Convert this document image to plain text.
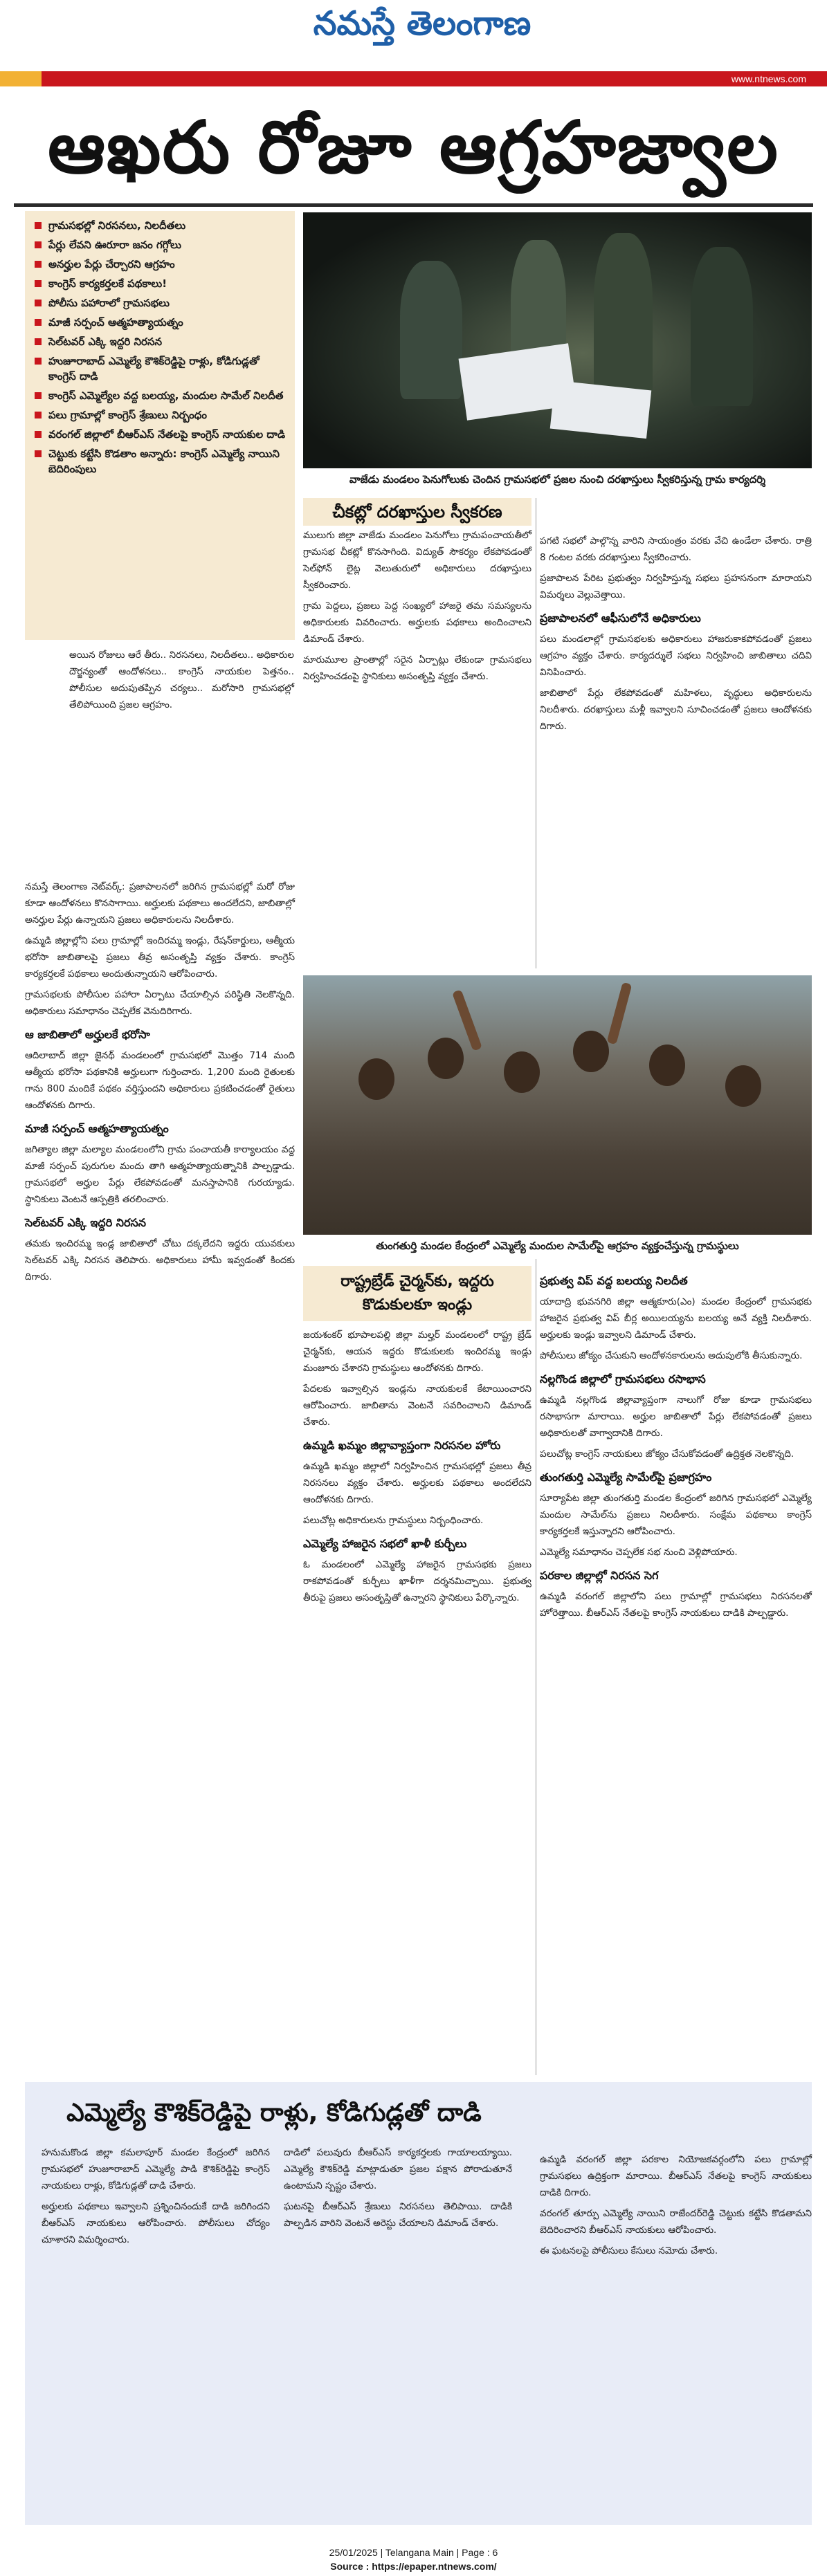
నమస్తే తెలంగాణ
www.ntnews.com
ఆఖరు రోజూ ఆగ్రహజ్వాల
గ్రామసభల్లో నిరసనలు, నిలదీతలు
పేర్లు లేవని ఊరూరా జనం గగ్గోలు
అనర్హుల పేర్లు చేర్చారని ఆగ్రహం
కాంగ్రెస్ కార్యకర్తలకే పథకాలు!
పోలీసు పహారాలో గ్రామసభలు
మాజీ సర్పంచ్ ఆత్మహత్యాయత్నం
సెల్‌టవర్ ఎక్కి ఇద్దరి నిరసన
హుజూరాబాద్ ఎమ్మెల్యే కౌశిక్‌రెడ్డిపై రాళ్లు, కోడిగుడ్లతో కాంగ్రెస్ దాడి
కాంగ్రెస్ ఎమ్మెల్యేల వద్ద బలయ్య, మందుల సామేల్ నిలదీత
పలు గ్రామాల్లో కాంగ్రెస్ శ్రేణులు నిర్బంధం
వరంగల్ జిల్లాలో బీఆర్ఎస్ నేతలపై కాంగ్రెస్ నాయకుల దాడి
చెట్టుకు కట్టేసి కొడతాం అన్నారు: కాంగ్రెస్ ఎమ్మెల్యే నాయిని బెదిరింపులు
వాజేడు మండలం పెనుగోలుకు చెందిన గ్రామసభలో ప్రజల నుంచి దరఖాస్తులు స్వీకరిస్తున్న గ్రామ కార్యదర్శి
చీకట్లో దరఖాస్తుల స్వీకరణ

అయిన రోజులు ఆరే తీరు.. నిరసనలు, నిలదీతలు.. అధికారుల దౌర్జన్యంతో ఆందోళనలు.. కాంగ్రెస్ నాయకుల పెత్తనం.. పోలీసుల అదుపుతప్పిన చర్యలు.. మరోసారి గ్రామసభల్లో తేలిపోయింది ప్రజల ఆగ్రహం.

నమస్తే తెలంగాణ నెట్‌వర్క్: ప్రజాపాలనలో జరిగిన గ్రామసభల్లో మరో రోజు కూడా ఆందోళనలు కొనసాగాయి. అర్హులకు పథకాలు అందలేదని, జాబితాల్లో అనర్హుల పేర్లు ఉన్నాయని ప్రజలు అధికారులను నిలదీశారు.

ఉమ్మడి జిల్లాల్లోని పలు గ్రామాల్లో ఇందిరమ్మ ఇండ్లు, రేషన్‌కార్డులు, ఆత్మీయ భరోసా జాబితాలపై ప్రజలు తీవ్ర అసంతృప్తి వ్యక్తం చేశారు. కాంగ్రెస్ కార్యకర్తలకే పథకాలు అందుతున్నాయని ఆరోపించారు.

గ్రామసభలకు పోలీసుల పహారా ఏర్పాటు చేయాల్సిన పరిస్థితి నెలకొన్నది. అధికారులు సమాధానం చెప్పలేక వెనుదిరిగారు.

ఆ జాబితాలో అర్హులకే భరోసా

ఆదిలాబాద్ జిల్లా జైనథ్ మండలంలో గ్రామసభలో మొత్తం 714 మంది ఆత్మీయ భరోసా పథకానికి అర్హులుగా గుర్తించారు. 1,200 మంది రైతులకు గాను 800 మందికే పథకం వర్తిస్తుందని అధికారులు ప్రకటించడంతో రైతులు ఆందోళనకు దిగారు.

మాజీ సర్పంచ్ ఆత్మహత్యాయత్నం

జగిత్యాల జిల్లా మల్యాల మండలంలోని గ్రామ పంచాయతీ కార్యాలయం వద్ద మాజీ సర్పంచ్ పురుగుల మందు తాగి ఆత్మహత్యాయత్నానికి పాల్పడ్డాడు. గ్రామసభలో అర్హుల పేర్లు లేకపోవడంతో మనస్తాపానికి గురయ్యాడు. స్థానికులు వెంటనే ఆస్పత్రికి తరలించారు.

సెల్‌టవర్ ఎక్కి ఇద్దరి నిరసన

తమకు ఇందిరమ్మ ఇండ్ల జాబితాలో చోటు దక్కలేదని ఇద్దరు యువకులు సెల్‌టవర్ ఎక్కి నిరసన తెలిపారు. అధికారులు హామీ ఇవ్వడంతో కిందకు దిగారు.

ములుగు జిల్లా వాజేడు మండలం పెనుగోలు గ్రామపంచాయతీలో గ్రామసభ చీకట్లో కొనసాగింది. విద్యుత్ సౌకర్యం లేకపోవడంతో సెల్‌ఫోన్ లైట్ల వెలుతురులో అధికారులు దరఖాస్తులు స్వీకరించారు.

గ్రామ పెద్దలు, ప్రజలు పెద్ద సంఖ్యలో హాజరై తమ సమస్యలను అధికారులకు వివరించారు. అర్హులకు పథకాలు అందించాలని డిమాండ్ చేశారు.

మారుమూల ప్రాంతాల్లో సరైన ఏర్పాట్లు లేకుండా గ్రామసభలు నిర్వహించడంపై స్థానికులు అసంతృప్తి వ్యక్తం చేశారు.

పగటి సభలో పాల్గొన్న వారిని సాయంత్రం వరకు వేచి ఉండేలా చేశారు. రాత్రి 8 గంటల వరకు దరఖాస్తులు స్వీకరించారు.

ప్రజాపాలన పేరిట ప్రభుత్వం నిర్వహిస్తున్న సభలు ప్రహసనంగా మారాయని విమర్శలు వెల్లువెత్తాయి.

ప్రజాపాలనలో ఆఫీసులోనే అధికారులు

పలు మండలాల్లో గ్రామసభలకు అధికారులు హాజరుకాకపోవడంతో ప్రజలు ఆగ్రహం వ్యక్తం చేశారు. కార్యదర్శులే సభలు నిర్వహించి జాబితాలు చదివి వినిపించారు.

జాబితాలో పేర్లు లేకపోవడంతో మహిళలు, వృద్ధులు అధికారులను నిలదీశారు. దరఖాస్తులు మళ్లీ ఇవ్వాలని సూచించడంతో ప్రజలు ఆందోళనకు దిగారు.

తుంగతుర్తి మండల కేంద్రంలో ఎమ్మెల్యే మందుల సామేల్‌పై ఆగ్రహం వ్యక్తంచేస్తున్న గ్రామస్థులు
రాష్ట్రబ్రేడ్ చైర్మన్‌కు, ఇద్దరు కొడుకులకూ ఇండ్లు

జయశంకర్ భూపాలపల్లి జిల్లా మల్హర్ మండలంలో రాష్ట్ర బ్రేడ్ చైర్మన్‌కు, ఆయన ఇద్దరు కొడుకులకు ఇందిరమ్మ ఇండ్లు మంజూరు చేశారని గ్రామస్థులు ఆందోళనకు దిగారు.

పేదలకు ఇవ్వాల్సిన ఇండ్లను నాయకులకే కేటాయించారని ఆరోపించారు. జాబితాను వెంటనే సవరించాలని డిమాండ్ చేశారు.

ఉమ్మడి ఖమ్మం జిల్లావ్యాప్తంగా నిరసనల హోరు

ఉమ్మడి ఖమ్మం జిల్లాలో నిర్వహించిన గ్రామసభల్లో ప్రజలు తీవ్ర నిరసనలు వ్యక్తం చేశారు. అర్హులకు పథకాలు అందలేదని ఆందోళనకు దిగారు.

పలుచోట్ల అధికారులను గ్రామస్థులు నిర్బంధించారు.

ఎమ్మెల్యే హాజరైన సభలో ఖాళీ కుర్చీలు

ఓ మండలంలో ఎమ్మెల్యే హాజరైన గ్రామసభకు ప్రజలు రాకపోవడంతో కుర్చీలు ఖాళీగా దర్శనమిచ్చాయి. ప్రభుత్వ తీరుపై ప్రజలు అసంతృప్తితో ఉన్నారని స్థానికులు పేర్కొన్నారు.

ప్రభుత్వ విప్ వద్ద బలయ్య నిలదీత

యాదాద్రి భువనగిరి జిల్లా ఆత్మకూరు(ఎం) మండల కేంద్రంలో గ్రామసభకు హాజరైన ప్రభుత్వ విప్ బీర్ల అయిలయ్యను బలయ్య అనే వ్యక్తి నిలదీశారు. అర్హులకు ఇండ్లు ఇవ్వాలని డిమాండ్ చేశారు.

పోలీసులు జోక్యం చేసుకుని ఆందోళనకారులను అదుపులోకి తీసుకున్నారు.

నల్లగొండ జిల్లాలో గ్రామసభలు రసాభాస

ఉమ్మడి నల్లగొండ జిల్లావ్యాప్తంగా నాలుగో రోజు కూడా గ్రామసభలు రసాభాసగా మారాయి. అర్హుల జాబితాలో పేర్లు లేకపోవడంతో ప్రజలు అధికారులతో వాగ్వాదానికి దిగారు.

పలుచోట్ల కాంగ్రెస్ నాయకులు జోక్యం చేసుకోవడంతో ఉద్రిక్తత నెలకొన్నది.

తుంగతుర్తి ఎమ్మెల్యే సామేల్‌పై ప్రజాగ్రహం

సూర్యాపేట జిల్లా తుంగతుర్తి మండల కేంద్రంలో జరిగిన గ్రామసభలో ఎమ్మెల్యే మందుల సామేల్‌ను ప్రజలు నిలదీశారు. సంక్షేమ పథకాలు కాంగ్రెస్ కార్యకర్తలకే ఇస్తున్నారని ఆరోపించారు.

ఎమ్మెల్యే సమాధానం చెప్పలేక సభ నుంచి వెళ్లిపోయారు.

పరకాల జిల్లాల్లో నిరసన సెగ

ఉమ్మడి వరంగల్ జిల్లాలోని పలు గ్రామాల్లో గ్రామసభలు నిరసనలతో హోరెత్తాయి. బీఆర్ఎస్ నేతలపై కాంగ్రెస్ నాయకులు దాడికి పాల్పడ్డారు.

ఎమ్మెల్యే కౌశిక్‌రెడ్డిపై రాళ్లు, కోడిగుడ్లతో దాడి

హనుమకొండ జిల్లా కమలాపూర్ మండల కేంద్రంలో జరిగిన గ్రామసభలో హుజూరాబాద్ ఎమ్మెల్యే పాడి కౌశిక్‌రెడ్డిపై కాంగ్రెస్ నాయకులు రాళ్లు, కోడిగుడ్లతో దాడి చేశారు.

అర్హులకు పథకాలు ఇవ్వాలని ప్రశ్నించినందుకే దాడి జరిగిందని బీఆర్ఎస్ నాయకులు ఆరోపించారు. పోలీసులు చోద్యం చూశారని విమర్శించారు.

దాడిలో పలువురు బీఆర్ఎస్ కార్యకర్తలకు గాయాలయ్యాయి. ఎమ్మెల్యే కౌశిక్‌రెడ్డి మాట్లాడుతూ ప్రజల పక్షాన పోరాడుతూనే ఉంటామని స్పష్టం చేశారు.

ఘటనపై బీఆర్ఎస్ శ్రేణులు నిరసనలు తెలిపాయి. దాడికి పాల్పడిన వారిని వెంటనే అరెస్టు చేయాలని డిమాండ్ చేశారు.

ఉమ్మడి వరంగల్ జిల్లా పరకాల నియోజకవర్గంలోని పలు గ్రామాల్లో గ్రామసభలు ఉద్రిక్తంగా మారాయి. బీఆర్ఎస్ నేతలపై కాంగ్రెస్ నాయకులు దాడికి దిగారు.

వరంగల్ తూర్పు ఎమ్మెల్యే నాయిని రాజేందర్‌రెడ్డి చెట్టుకు కట్టేసి కొడతామని బెదిరించారని బీఆర్ఎస్ నాయకులు ఆరోపించారు.

ఈ ఘటనలపై పోలీసులు కేసులు నమోదు చేశారు.

25/01/2025 | Telangana Main | Page : 6
Source : https://epaper.ntnews.com/
